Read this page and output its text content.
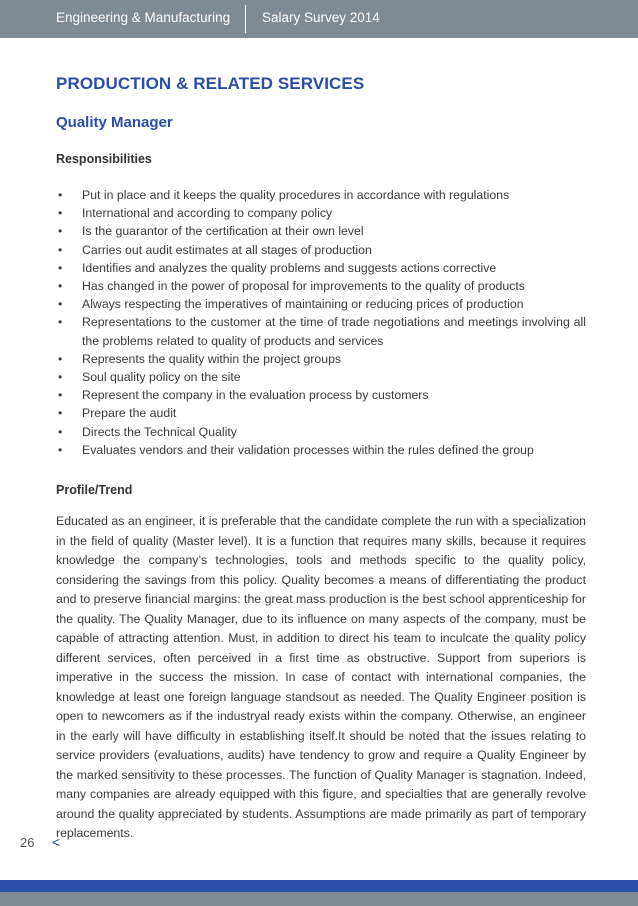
Engineering & Manufacturing Salary Survey 2014
PRODUCTION & RELATED SERVICES
Quality Manager
Responsibilities
• Put in place and it keeps the quality procedures in accordance with regulations
• International and according to company policy
• Is the guarantor of the certification at their own level
• Carries out audit estimates at all stages of production
• Identifies and analyzes the quality problems and suggests actions corrective
• Has changed in the power of proposal for improvements to the quality of products
• Always respecting the imperatives of maintaining or reducing prices of production
• Representations to the customer at the time of trade negotiations and meetings involving all the problems related to quality of products and services
• Represents the quality within the project groups
• Soul quality policy on the site
• Represent the company in the evaluation process by customers
• Prepare the audit
• Directs the Technical Quality
• Evaluates vendors and their validation processes within the rules defined the group
Profile/Trend

Educated as an engineer, it is preferable that the candidate complete the run with a specialization in the field of quality (Master level). It is a function that requires many skills, because it requires knowledge the company’s technologies, tools and methods specific to the quality policy, considering the savings from this policy. Quality becomes a means of differentiating the product and to preserve financial margins: the great mass production is the best school apprenticeship for the quality. The Quality Manager, due to its influence on many aspects of the company, must be capable of attracting attention. Must, in addition to direct his team to inculcate the quality policy different services, often perceived in a first time as obstructive. Support from superiors is imperative in the success the mission. In case of contact with international companies, the knowledge at least one foreign language standsout as needed. The Quality Engineer position is open to newcomers as if the industryal ready exists within the company. Otherwise, an engineer in the early will have difficulty in establishing itself.It should be noted that the issues relating to service providers (evaluations, audits) have tendency to grow and require a Quality Engineer by the marked sensitivity to these processes. The function of Quality Manager is stagnation. Indeed, many companies are already equipped with this figure, and specialties that are generally revolve around the quality appreciated by students. Assumptions are made primarily as part of temporary replacements.

26 <
